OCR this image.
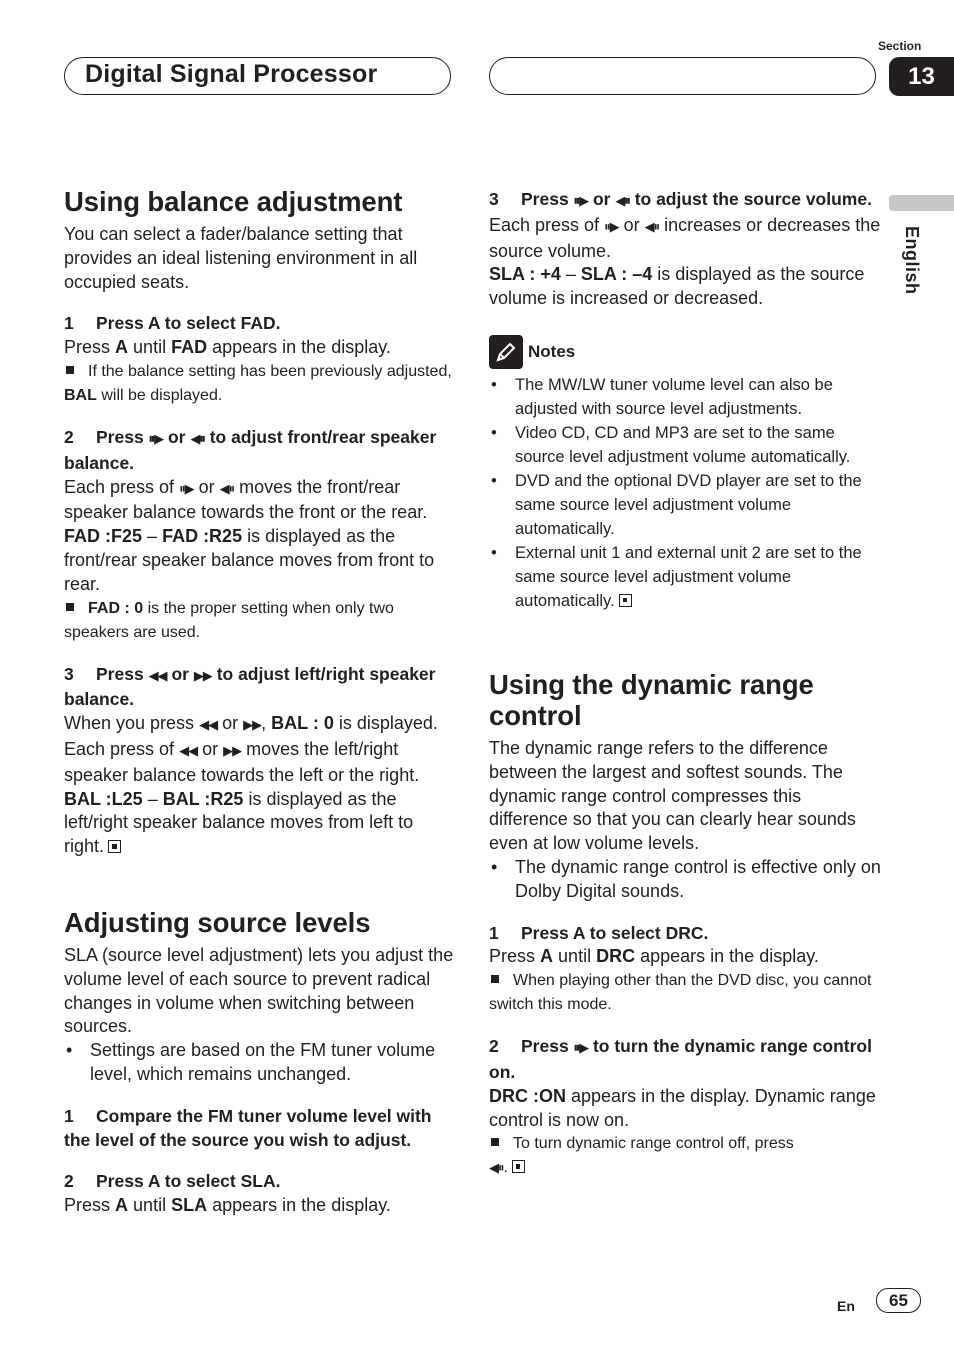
Digital Signal Processor
Section
13
English
Using balance adjustment

You can select a fader/balance setting that provides an ideal listening environment in all occupied seats.

1 Press A to select FAD.

Press A until FAD appears in the display.

If the balance setting has been previously adjusted, BAL will be displayed.

2 Press ⏸▶ or ◀⏸ to adjust front/rear speaker balance.

Each press of ⏸▶ or ◀⏸ moves the front/rear speaker balance towards the front or the rear.

FAD :F25 – FAD :R25 is displayed as the front/rear speaker balance moves from front to rear.

FAD : 0 is the proper setting when only two speakers are used.

3 Press ◀◀ or ▶▶ to adjust left/right speaker balance.

When you press ◀◀ or ▶▶, BAL : 0 is displayed. Each press of ◀◀ or ▶▶ moves the left/right speaker balance towards the left or the right.

BAL :L25 – BAL :R25 is displayed as the left/right speaker balance moves from left to right.

Adjusting source levels

SLA (source level adjustment) lets you adjust the volume level of each source to prevent radical changes in volume when switching between sources.

• Settings are based on the FM tuner volume level, which remains unchanged.

1 Compare the FM tuner volume level with the level of the source you wish to adjust.

2 Press A to select SLA.

Press A until SLA appears in the display.

3 Press ⏸▶ or ◀⏸ to adjust the source volume.

Each press of ⏸▶ or ◀⏸ increases or decreases the source volume.

SLA : +4 – SLA : –4 is displayed as the source volume is increased or decreased.

Notes

• The MW/LW tuner volume level can also be adjusted with source level adjustments.

• Video CD, CD and MP3 are set to the same source level adjustment volume automatically.

• DVD and the optional DVD player are set to the same source level adjustment volume automatically.

• External unit 1 and external unit 2 are set to the same source level adjustment volume automatically.

Using the dynamic range control

The dynamic range refers to the difference between the largest and softest sounds. The dynamic range control compresses this difference so that you can clearly hear sounds even at low volume levels.

• The dynamic range control is effective only on Dolby Digital sounds.

1 Press A to select DRC.

Press A until DRC appears in the display.

When playing other than the DVD disc, you cannot switch this mode.

2 Press ⏸▶ to turn the dynamic range control on.

DRC :ON appears in the display. Dynamic range control is now on.

To turn dynamic range control off, press
◀⏸.

En	65
